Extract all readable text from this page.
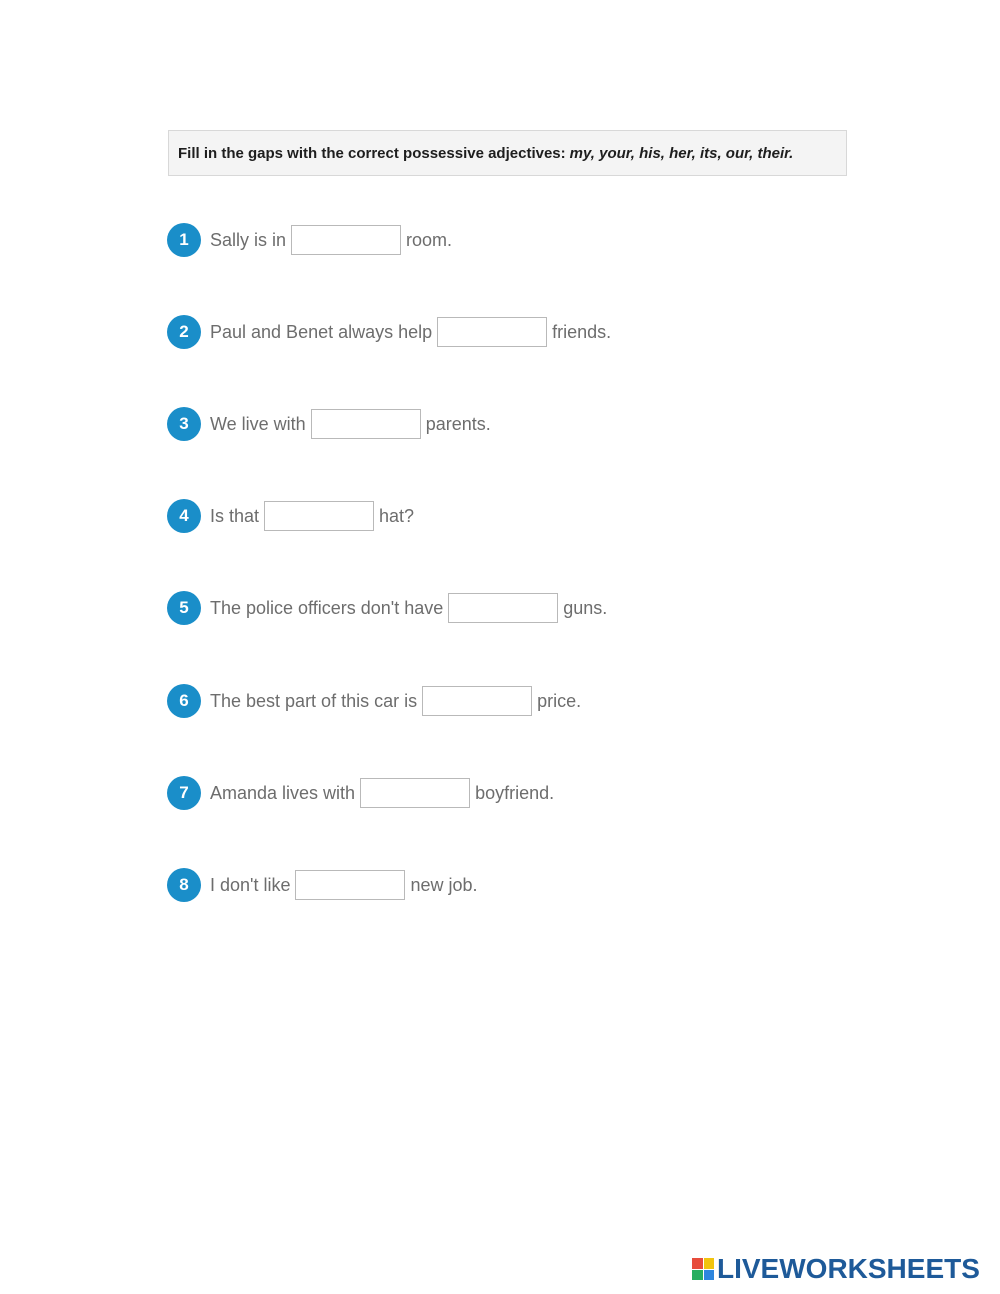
Fill in the gaps with the correct possessive adjectives: my, your, his, her, its, our, their.
1	Sally is in	room.
2	Paul and Benet always help	friends.
3	We live with	parents.
4	Is that	hat?
5	The police officers don't have	guns.
6	The best part of this car is	price.
7	Amanda lives with	boyfriend.
8	I don't like	new job.
LIVEWORKSHEETS
